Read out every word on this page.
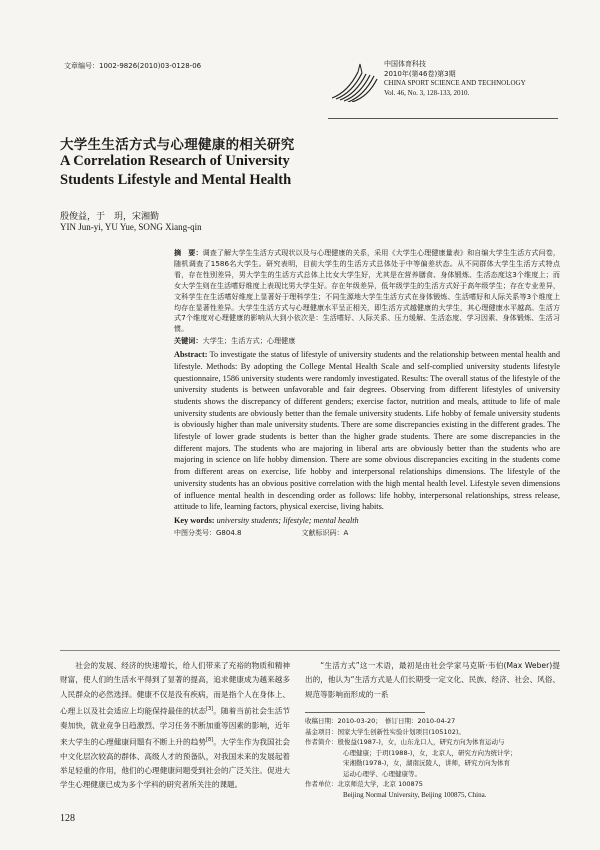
文章编号：1002-9826(2010)03-0128-06	中国体育科技
2010年(第46卷)第3期
CHINA SPORT SCIENCE AND TECHNOLOGY
Vol. 46, No. 3, 128-133, 2010.
大学生生活方式与心理健康的相关研究
A Correlation Research of University
Students Lifestyle and Mental Health
殷俊益，于　玥，宋湘勤
YIN Jun-yi, YU Yue, SONG Xiang-qin
摘　要：调查了解大学生生活方式现状以及与心理健康的关系，采用《大学生心理健康量表》和自编大学生生活方式问卷，随机调查了1586名大学生。研究表明，目前大学生的生活方式总体处于中等偏差状态。从不同群体大学生生活方式特点看，存在性别差异，男大学生的生活方式总体上比女大学生好，尤其是在营养膳食、身体锻炼、生活态度这3个维度上；而女大学生则在生活嗜好维度上表现比男大学生好。存在年级差异，低年级学生的生活方式好于高年级学生；存在专业差异，文科学生在生活嗜好维度上显著好于理科学生；不同生源地大学生生活方式在身体锻炼、生活嗜好和人际关系等3个维度上均存在显著性差异。大学生生活方式与心理健康水平呈正相关，即生活方式越健康的大学生，其心理健康水平越高。生活方式7个维度对心理健康的影响从大到小依次是：生活嗜好、人际关系、压力缓解、生活态度、学习因素、身体锻炼、生活习惯。
关键词：大学生；生活方式；心理健康
Abstract: To investigate the status of lifestyle of university students and the relationship between mental health and lifestyle. Methods: By adopting the College Mental Health Scale and self-complied university students lifestyle questionnaire, 1586 university students were randomly investigated. Results: The overall status of the lifestyle of the university students is between unfavorable and fair degrees. Observing from different lifestyles of university students shows the discrepancy of different genders; exercise factor, nutrition and meals, attitude to life of male university students are obviously better than the female university students. Life hobby of female university students is obviously higher than male university students. There are some discrepancies existing in the different grades. The lifestyle of lower grade students is better than the higher grade students. There are some discrepancies in the different majors. The students who are majoring in liberal arts are obviously better than the students who are majoring in science on life hobby dimension. There are some obvious discrepancies exciting in the students come from different areas on exercise, life hobby and interpersonal relationships dimensions. The lifestyle of the university students has an obvious positive correlation with the high mental health level. Lifestyle seven dimensions of influence mental health in descending order as follows: life hobby, interpersonal relationships, stress release, attitude to life, learning factors, physical exercise, living habits.
Key words: university students; lifestyle; mental health
中图分类号：G804.8	文献标识码：A
社会的发展、经济的快速增长，给人们带来了充裕的物质和精神财富，使人们的生活水平得到了显著的提高，追求健康成为越来越多人民群众的必然选择。健康不仅是没有疾病，而是指个人在身体上、心理上以及社会适应上均能保持最佳的状态[3]。随着当前社会生活节奏加快，就业竞争日趋激烈、学习任务不断加重等因素的影响，近年来大学生的心理健康问题有不断上升的趋势[8]。大学生作为我国社会中文化层次较高的群体、高级人才的预备队，对我国未来的发展起着举足轻重的作用，他们的心理健康问题受到社会的广泛关注。促进大学生心理健康已成为多个学科的研究者所关注的课题。
“生活方式”这一术语，最初是由社会学家马克斯·韦伯(Max Weber)提出的，他认为“生活方式是人们长期受一定文化、民族、经济、社会、风俗、规范等影响而形成的一系
收稿日期：2010-03-20；　修订日期：2010-04-27
基金项目：国家大学生创新性实验计划项目(105102)。
作者简介：殷俊益(1987-)，女，山东龙口人，研究方向为体育运动与
心理健康；于玥(1988-)，女，北京人，研究方向为统计学；
宋湘勤(1978-)，女，湖南沅陵人，讲师，研究方向为体育
运动心理学、心理健康等。
作者单位：北京师范大学，北京 100875
Beijing Normal University, Beijing 100875, China.
128
